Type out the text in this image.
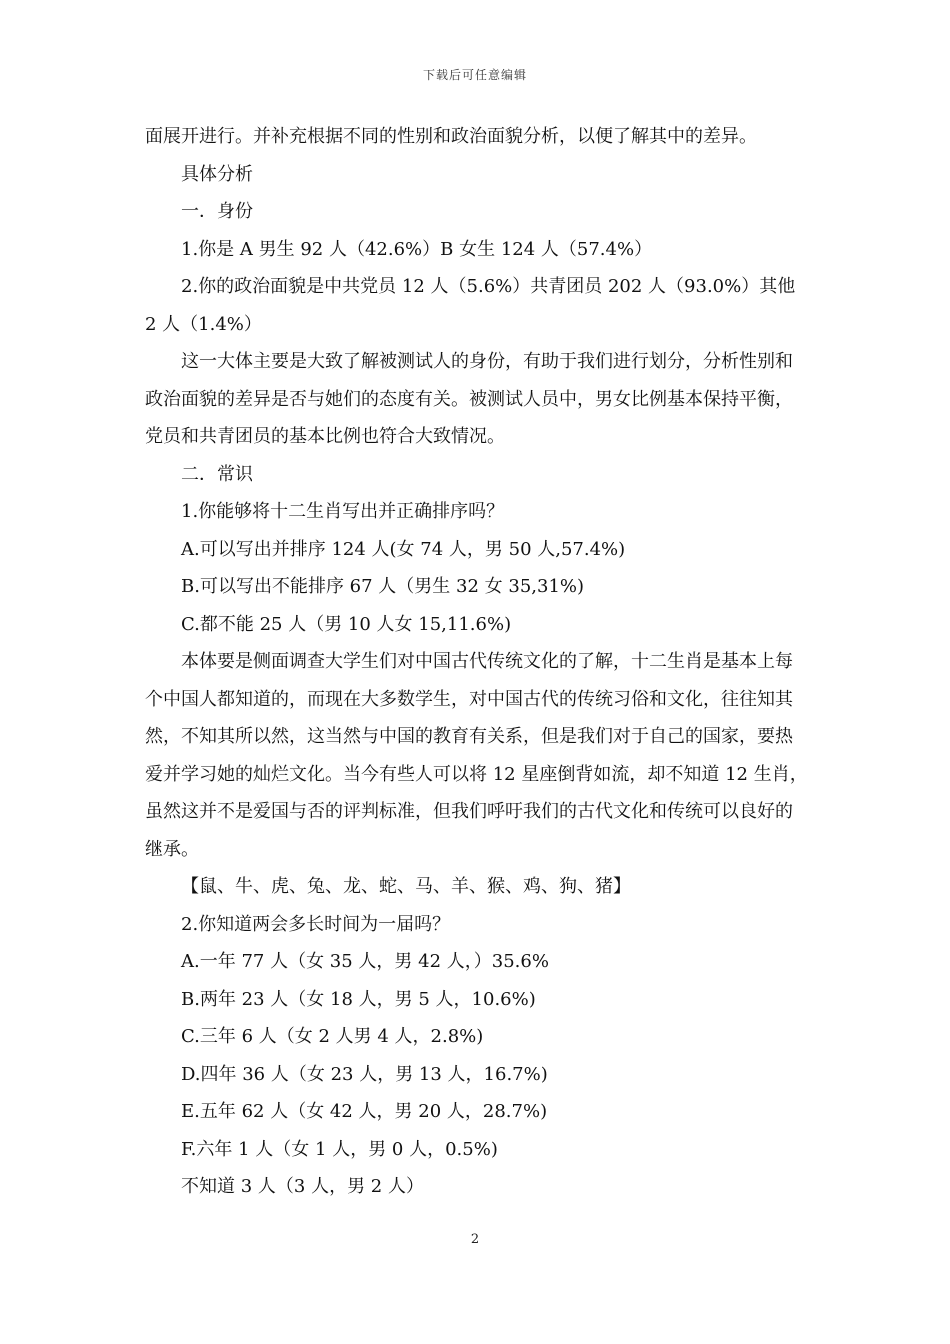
下载后可任意编辑

面展开进行。并补充根据不同的性别和政治面貌分析，以便了解其中的差异。

具体分析

一．身份

1.你是 A 男生 92 人（42.6%）B 女生 124 人（57.4%）

2.你的政治面貌是中共党员 12 人（5.6%）共青团员 202 人（93.0%）其他 2 人（1.4%）

这一大体主要是大致了解被测试人的身份，有助于我们进行划分，分析性别和政治面貌的差异是否与她们的态度有关。被测试人员中，男女比例基本保持平衡，党员和共青团员的基本比例也符合大致情况。

二．常识

1.你能够将十二生肖写出并正确排序吗？

A.可以写出并排序 124 人(女 74 人，男 50 人,57.4%)

B.可以写出不能排序 67 人（男生 32 女 35,31%)

C.都不能 25 人（男 10 人女 15,11.6%)

本体要是侧面调查大学生们对中国古代传统文化的了解，十二生肖是基本上每个中国人都知道的，而现在大多数学生，对中国古代的传统习俗和文化，往往知其然，不知其所以然，这当然与中国的教育有关系，但是我们对于自己的国家，要热爱并学习她的灿烂文化。当今有些人可以将 12 星座倒背如流，却不知道 12 生肖，虽然这并不是爱国与否的评判标准，但我们呼吁我们的古代文化和传统可以良好的继承。

【鼠、牛、虎、兔、龙、蛇、马、羊、猴、鸡、狗、猪】

2.你知道两会多长时间为一届吗？

A.一年 77 人（女 35 人，男 42 人，）35.6%

B.两年 23 人（女 18 人，男 5 人，10.6%)

C.三年 6 人（女 2 人男 4 人，2.8%)

D.四年 36 人（女 23 人，男 13 人，16.7%)

E.五年 62 人（女 42 人，男 20 人，28.7%)

F.六年 1 人（女 1 人，男 0 人，0.5%)

不知道 3 人（3 人，男 2 人）

2
